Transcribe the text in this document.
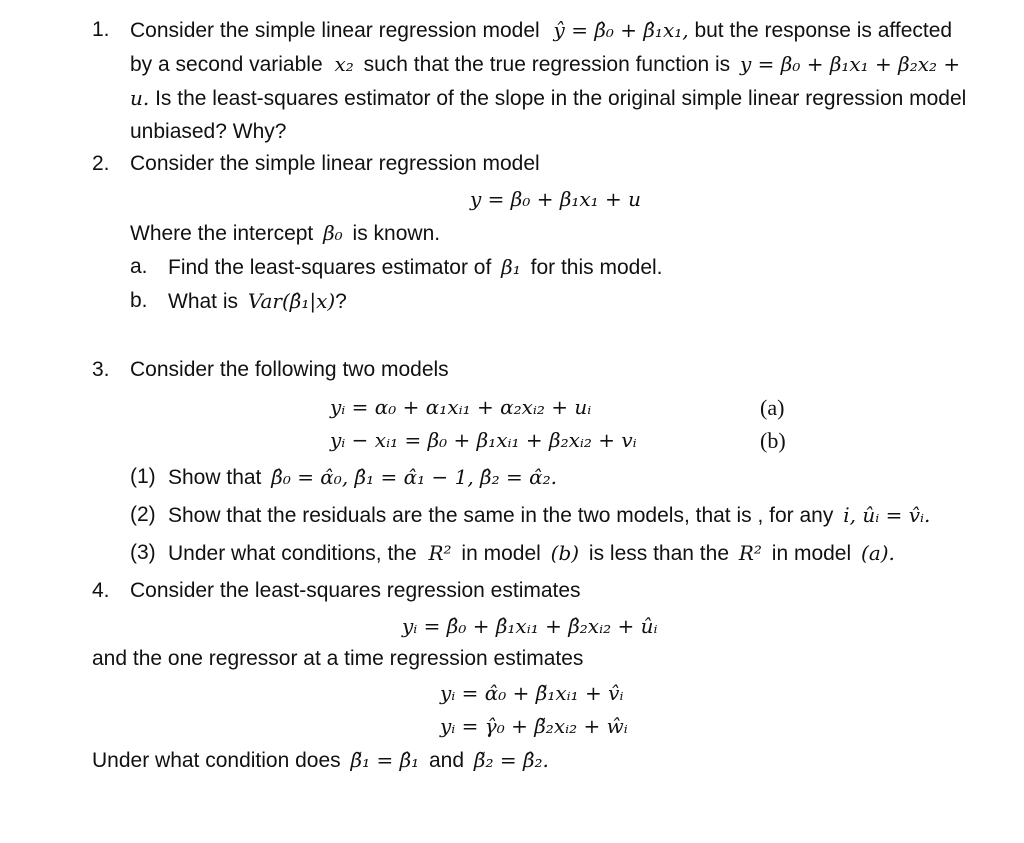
1. Consider the simple linear regression model ŷ = β̂₀ + β̂₁x₁, but the response is affected
by a second variable x₂ such that the true regression function is y = β₀ + β₁x₁ + β₂x₂ +
u. Is the least-squares estimator of the slope in the original simple linear regression model
unbiased? Why?
2. Consider the simple linear regression model
y = β₀ + β₁x₁ + u
Where the intercept β₀ is known.
a. Find the least-squares estimator of β₁ for this model.
b. What is Var(β̂₁|x)?
3. Consider the following two models
yᵢ = α₀ + α₁xᵢ₁ + α₂xᵢ₂ + uᵢ	(a)
yᵢ − xᵢ₁ = β₀ + β₁xᵢ₁ + β₂xᵢ₂ + vᵢ	(b)
(1) Show that β̂₀ = α̂₀, β̂₁ = α̂₁ − 1, β̂₂ = α̂₂.
(2) Show that the residuals are the same in the two models, that is , for any i, ûᵢ = v̂ᵢ.
(3) Under what conditions, the R² in model (b) is less than the R² in model (a).
4. Consider the least-squares regression estimates
yᵢ = β̂₀ + β̂₁xᵢ₁ + β̂₂xᵢ₂ + ûᵢ
and the one regressor at a time regression estimates
yᵢ = α̂₀ + β̃₁xᵢ₁ + v̂ᵢ
yᵢ = γ̂₀ + β̃₂xᵢ₂ + ŵᵢ
Under what condition does β̃₁ = β̂₁ and β̃₂ = β̂₂.
